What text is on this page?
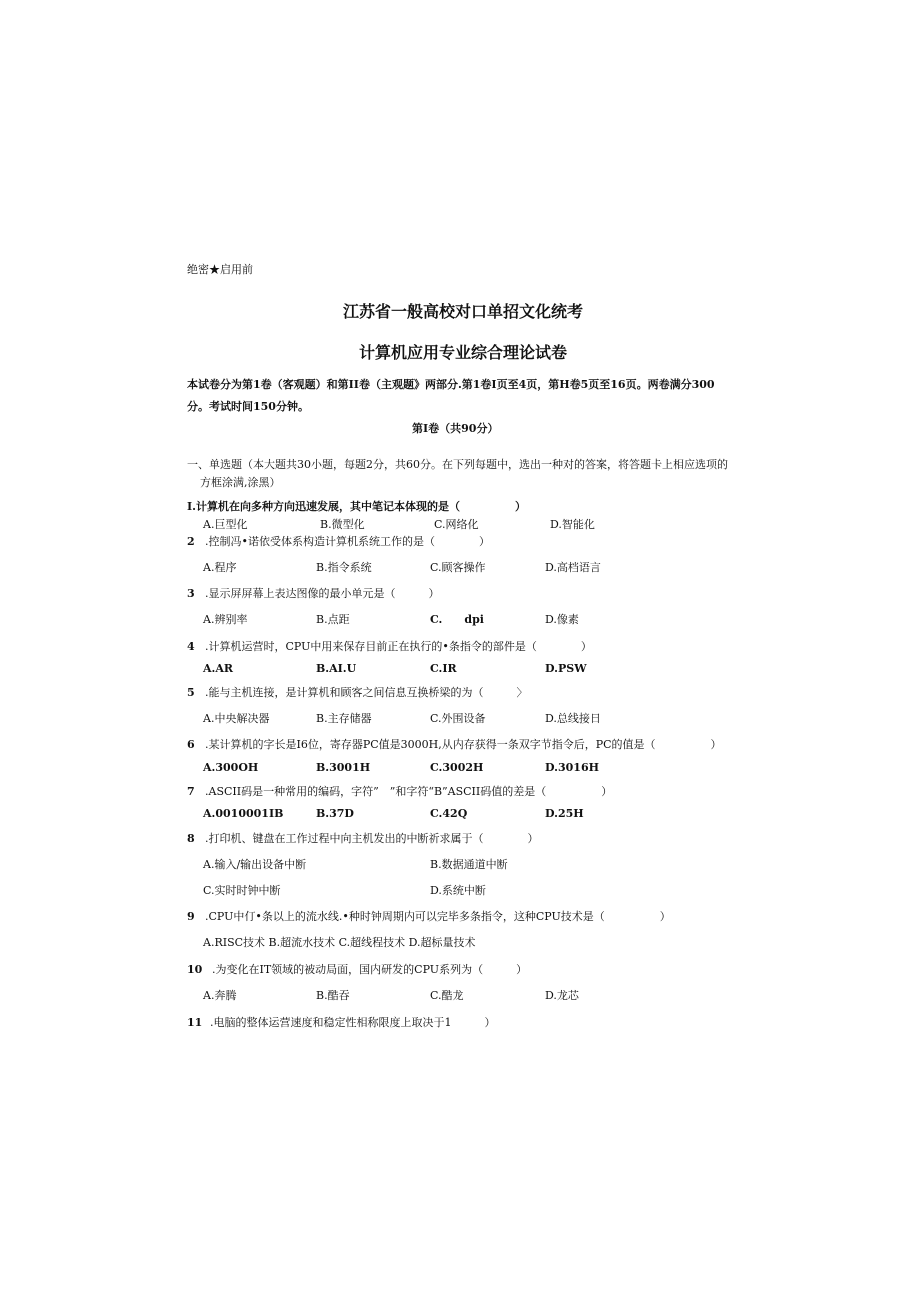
绝密★启用前
江苏省一般高校对口单招文化统考
计算机应用专业综合理论试卷
本试卷分为第1卷（客观题）和第II卷（主观题》两部分.第1卷I页至4页，第H卷5页至16页。两卷满分300
分。考试时间150分钟。
第I卷（共90分）
一、单选题（本大题共30小题，每题2分，共60分。在下列每题中，选出一种对的答案，将答题卡上相应选项的
方框涂满,涂黑）
I.计算机在向多种方向迅速发展，其中笔记本体现的是（　　　　　）
A.巨型化	B.微型化	C.网络化	D.智能化
2 .控制冯•诺依受体系构造计算机系统工作的是（　　　　）
A.程序	B.指令系统	C.顾客操作	D.高档语言
3 .显示屏屏幕上表达图像的最小单元是（　　　）
A.辨别率	B.点距	C.　　dpi	D.像素
4 .计算机运营时，CPU中用来保存目前正在执行的•条指令的部件是（　　　　）
A.AR	B.AI.U	C.IR	D.PSW
5 .能与主机连接，是计算机和顾客之间信息互换桥梁的为（　　　〉
A.中央解决器	B.主存储器	C.外围设备	D.总线接日
6 .某计算机的字长是I6位，寄存器PC值是3000H,从内存获得一条双字节指令后，PC的值是（　　　　　）
A.300OH	B.3001H	C.3002H	D.3016H
7 .ASCII码是一种常用的编码，字符”　”和字符“B”ASCII码值的差是（　　　　　）
A.0010001IB	B.37D	C.42Q	D.25H
8 .打印机、键盘在工作过程中向主机发出的中断祈求属于（　　　　）
A.输入/输出设备中断	B.数据通道中断
C.实时时钟中断	D.系统中断
9 .CPU中仃•条以上的流水线.•种时钟周期内可以完毕多条指令，这种CPU技术是（　　　　　）
A.RISC技术 B.超流水技术 C.超线程技术 D.超标量技术
10 .为变化在IT领域的被动局面，国内研发的CPU系列为（　　　）
A.奔腾	B.酷吞	C.酷龙	D.龙芯
11 .电脑的整体运营速度和稳定性相称限度上取决于1　　　）
